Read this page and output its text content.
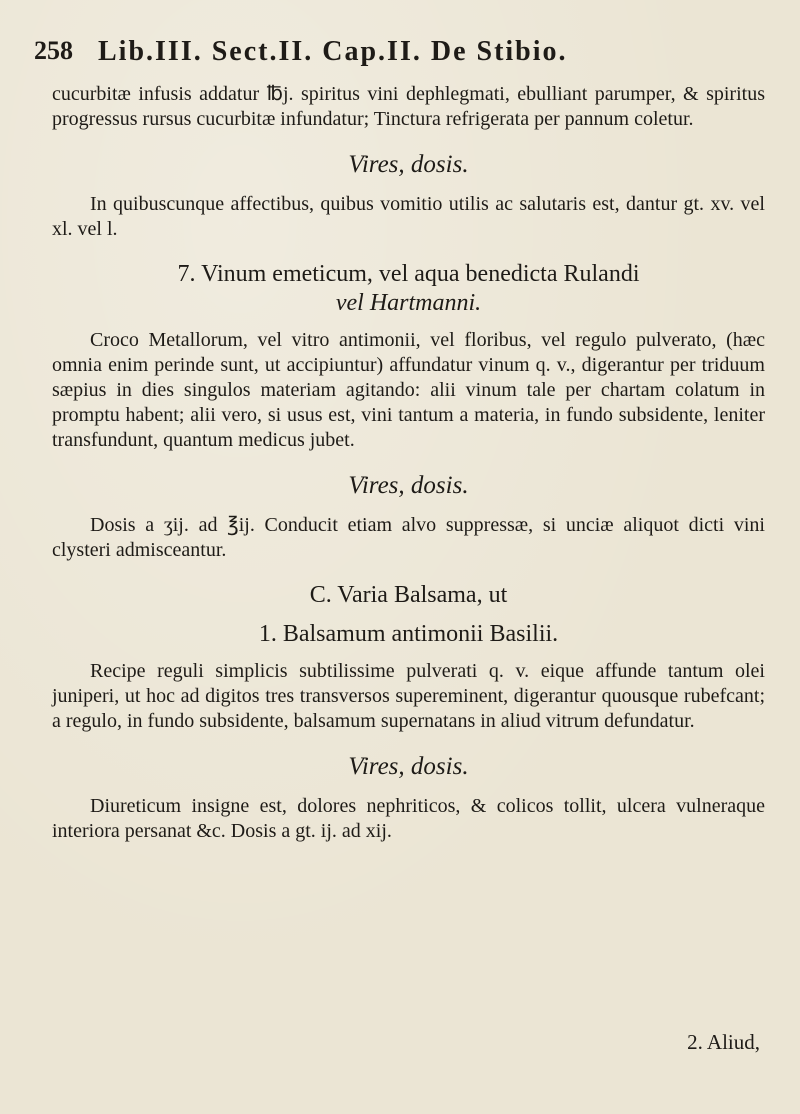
258 Lib.III. Sect.II. Cap.II. De Stibio.

cucurbitæ infusis addatur ℔j. spiritus vini dephlegmati, ebulliant parumper, & spiritus progressus rursus cucurbitæ infundatur; Tinctura refrigerata per pannum coletur.

Vires, dosis.

In quibuscunque affectibus, quibus vomitio utilis ac salutaris est, dantur gt. xv. vel xl. vel l.

7. Vinum emeticum, vel aqua benedicta Rulandi
vel Hartmanni.

Croco Metallorum, vel vitro antimonii, vel floribus, vel regulo pulverato, (hæc omnia enim perinde sunt, ut accipiuntur) affundatur vinum q. v., digerantur per triduum sæpius in dies singulos materiam agitando: alii vinum tale per chartam colatum in promptu habent; alii vero, si usus est, vini tantum a materia, in fundo subsidente, leniter transfundunt, quantum medicus jubet.

Vires, dosis.

Dosis a ʒij. ad ℥ij. Conducit etiam alvo suppressæ, si unciæ aliquot dicti vini clysteri admisceantur.

C. Varia Balsama, ut
1. Balsamum antimonii Basilii.

Recipe reguli simplicis subtilissime pulverati q. v. eique affunde tantum olei juniperi, ut hoc ad digitos tres transversos supereminent, digerantur quousque rubefcant; a regulo, in fundo subsidente, balsamum supernatans in aliud vitrum defundatur.

Vires, dosis.

Diureticum insigne est, dolores nephriticos, & colicos tollit, ulcera vulneraque interiora persanat &c. Dosis a gt. ij. ad xij.

2. Aliud,
